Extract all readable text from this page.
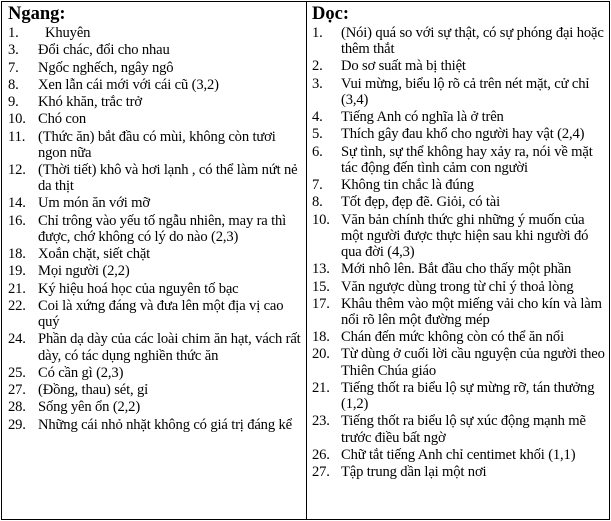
Ngang:
1.	Khuyên
3.	Đổi chác, đổi cho nhau
7.	Ngốc nghếch, ngây ngô
8.	Xen lẫn cái mới với cái cũ (3,2)
9.	Khó khăn, trắc trở
10. Chó con
11. (Thức ăn) bắt đầu có mùi, không còn tươi ngon nữa
12. (Thời tiết) khô và hơi lạnh , có thể làm nứt nẻ da thịt
14. Um món ăn với mỡ
16. Chỉ trông vào yếu tố ngẫu nhiên, may ra thì được, chớ không có lý do nào (2,3)
18. Xoắn chặt, siết chặt
19. Mọi người (2,2)
21. Ký hiệu hoá học của nguyên tố bạc
22. Coi là xứng đáng và đưa lên một địa vị cao quý
24. Phần dạ dày của các loài chim ăn hạt, vách rất dày, có tác dụng nghiền thức ăn
25. Có cần gì (2,3)
27. (Đồng, thau) sét, gỉ
28. Sống yên ổn (2,2)
29. Những cái nhỏ nhặt không có giá trị đáng kể
Dọc:
1.	(Nói) quá so với sự thật, có sự phóng đại hoặc thêm thắt
2.	Do sơ suất mà bị thiệt
3.	Vui mừng, biểu lộ rõ cả trên nét mặt, cử chỉ (3,4)
4.	Tiếng Anh có nghĩa là ở trên
5.	Thích gây đau khổ cho người hay vật (2,4)
6.	Sự tình, sự thể không hay xảy ra, nói về mặt tác động đến tình cảm con người
7.	Không tin chắc là đúng
8.	Tốt đẹp, đẹp đẽ. Giỏi, có tài
10. Văn bản chính thức ghi những ý muốn của một người được thực hiện sau khi người đó qua đời (4,3)
13. Mới nhô lên. Bắt đầu cho thấy một phần
15. Văn ngược dùng trong từ chỉ ý thoả lòng
17. Khâu thêm vào một miếng vải cho kín và làm nổi rõ lên một đường mép
18. Chán đến mức không còn có thể ăn nổi
20. Từ dùng ở cuối lời cầu nguyện của người theo Thiên Chúa giáo
21. Tiếng thốt ra biểu lộ sự mừng rỡ, tán thưởng (1,2)
23. Tiếng thốt ra biểu lộ sự xúc động mạnh mẽ trước điều bất ngờ
26. Chữ tắt tiếng Anh chỉ centimet khối (1,1)
27. Tập trung dần lại một nơi
